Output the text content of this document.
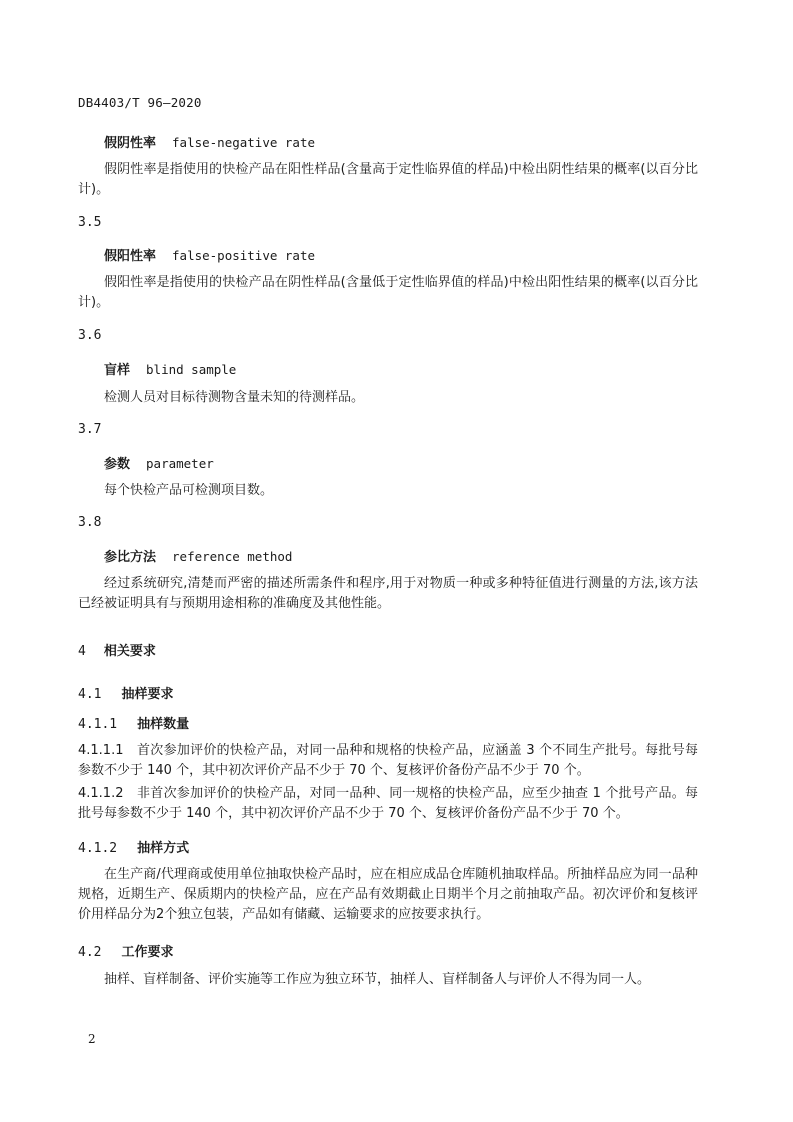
DB4403/T 96—2020
假阴性率 false-negative rate
假阴性率是指使用的快检产品在阳性样品(含量高于定性临界值的样品)中检出阴性结果的概率(以百分比计)。
3.5
假阳性率 false-positive rate
假阳性率是指使用的快检产品在阴性样品(含量低于定性临界值的样品)中检出阳性结果的概率(以百分比计)。
3.6
盲样 blind sample
检测人员对目标待测物含量未知的待测样品。
3.7
参数 parameter
每个快检产品可检测项目数。
3.8
参比方法 reference method
经过系统研究,清楚而严密的描述所需条件和程序,用于对物质一种或多种特征值进行测量的方法,该方法已经被证明具有与预期用途相称的准确度及其他性能。
4 相关要求
4.1 抽样要求
4.1.1 抽样数量
4.1.1.1　首次参加评价的快检产品，对同一品种和规格的快检产品，应涵盖 3 个不同生产批号。每批号每参数不少于 140 个，其中初次评价产品不少于 70 个、复核评价备份产品不少于 70 个。
4.1.1.2　非首次参加评价的快检产品，对同一品种、同一规格的快检产品，应至少抽查 1 个批号产品。每批号每参数不少于 140 个，其中初次评价产品不少于 70 个、复核评价备份产品不少于 70 个。
4.1.2 抽样方式
在生产商/代理商或使用单位抽取快检产品时，应在相应成品仓库随机抽取样品。所抽样品应为同一品种规格，近期生产、保质期内的快检产品，应在产品有效期截止日期半个月之前抽取产品。初次评价和复核评价用样品分为2个独立包装，产品如有储藏、运输要求的应按要求执行。
4.2 工作要求
抽样、盲样制备、评价实施等工作应为独立环节，抽样人、盲样制备人与评价人不得为同一人。
2
